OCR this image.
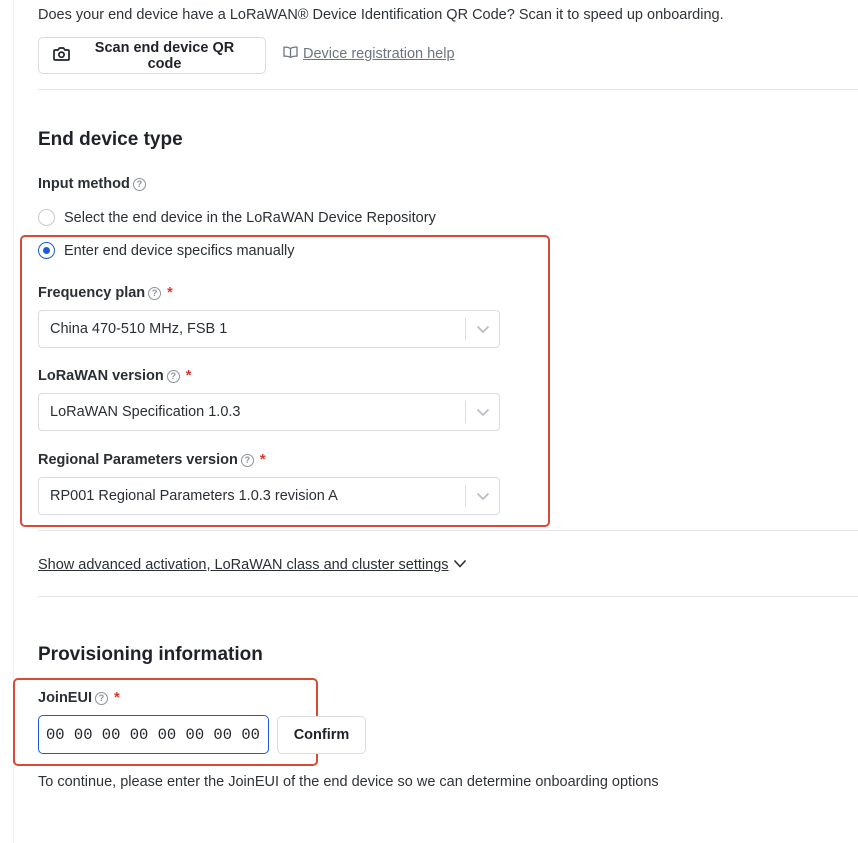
Does your end device have a LoRaWAN® Device Identification QR Code? Scan it to speed up onboarding.
Scan end device QR code
Device registration help
End device type
Input method ?
Select the end device in the LoRaWAN Device Repository
Enter end device specifics manually
Frequency plan ? *
China 470-510 MHz, FSB 1
LoRaWAN version ? *
LoRaWAN Specification 1.0.3
Regional Parameters version ? *
RP001 Regional Parameters 1.0.3 revision A
Show advanced activation, LoRaWAN class and cluster settings
Provisioning information
JoinEUI ? *
00 00 00 00 00 00 00 00
Confirm
To continue, please enter the JoinEUI of the end device so we can determine onboarding options
